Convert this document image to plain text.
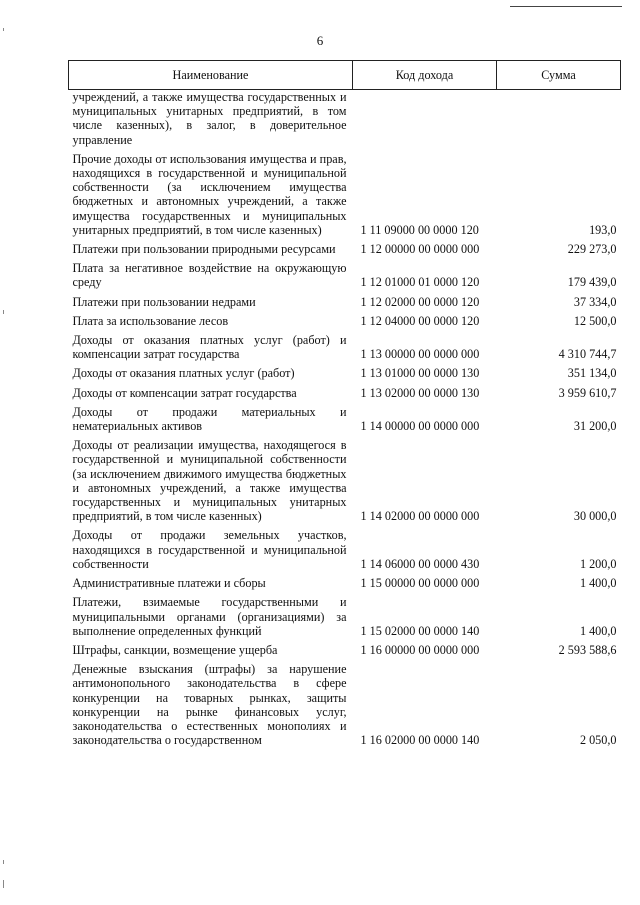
6
Наименование	Код дохода	Сумма
учреждений, а также имущества государственных и муниципальных унитарных предприятий, в том числе казенных), в залог, в доверительное управление		
Прочие доходы от использования имущества и прав, находящихся в государственной и муниципальной собственности (за исключением имущества бюджетных и автономных учреждений, а также имущества государственных и муниципальных унитарных предприятий, в том числе казенных)	1 11 09000 00 0000 120	193,0
Платежи при пользовании природными ресурсами	1 12 00000 00 0000 000	229 273,0
Плата за негативное воздействие на окружающую среду	1 12 01000 01 0000 120	179 439,0
Платежи при пользовании недрами	1 12 02000 00 0000 120	37 334,0
Плата за использование лесов	1 12 04000 00 0000 120	12 500,0
Доходы от оказания платных услуг (работ) и компенсации затрат государства	1 13 00000 00 0000 000	4 310 744,7
Доходы от оказания платных услуг (работ)	1 13 01000 00 0000 130	351 134,0
Доходы от компенсации затрат государства	1 13 02000 00 0000 130	3 959 610,7
Доходы от продажи материальных и нематериальных активов	1 14 00000 00 0000 000	31 200,0
Доходы от реализации имущества, находящегося в государственной и муниципальной собственности (за исключением движимого имущества бюджетных и автономных учреждений, а также имущества государственных и муниципальных унитарных предприятий, в том числе казенных)	1 14 02000 00 0000 000	30 000,0
Доходы от продажи земельных участков, находящихся в государственной и муниципальной собственности	1 14 06000 00 0000 430	1 200,0
Административные платежи и сборы	1 15 00000 00 0000 000	1 400,0
Платежи, взимаемые государственными и муниципальными органами (организациями) за выполнение определенных функций	1 15 02000 00 0000 140	1 400,0
Штрафы, санкции, возмещение ущерба	1 16 00000 00 0000 000	2 593 588,6
Денежные взыскания (штрафы) за нарушение антимонопольного законодательства в сфере конкуренции на товарных рынках, защиты конкуренции на рынке финансовых услуг, законодательства о естественных монополиях и законодательства о государственном	1 16 02000 00 0000 140	2 050,0
